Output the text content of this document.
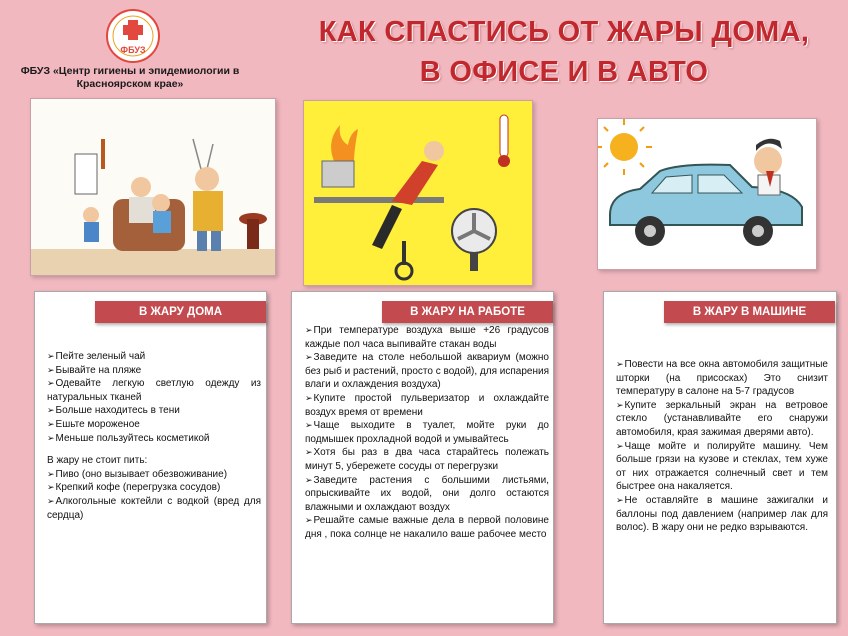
ФБУЗ
ФБУЗ «Центр гигиены и эпидемиологии в Красноярском крае»
КАК СПАСТИСЬ ОТ ЖАРЫ ДОМА,
В ОФИСЕ И В АВТО
В ЖАРУ ДОМА

➢ Пейте зеленый чай

➢ Бывайте на пляже

➢ Одевайте легкую светлую одежду из натуральных тканей

➢ Больше находитесь в тени

➢ Ешьте мороженое

➢ Меньше пользуйтесь косметикой

В жару не стоит пить:

➢ Пиво (оно вызывает обезвоживание)

➢ Крепкий кофе (перегрузка сосудов)

➢ Алкогольные коктейли с водкой (вред для сердца)

В ЖАРУ НА РАБОТЕ

➢ При температуре воздуха выше +26 градусов каждые пол часа выпивайте стакан воды

➢ Заведите на столе небольшой аквариум (можно без рыб и растений, просто с водой), для испарения влаги и охлаждения воздуха)

➢ Купите простой пульверизатор и охлаждайте воздух время от времени

➢ Чаще выходите в туалет, мойте руки до подмышек прохладной водой и умывайтесь

➢ Хотя бы раз в два часа старайтесь полежать минут 5, убережете сосуды от перегрузки

➢ Заведите растения с большими листьями, опрыскивайте их водой, они долго остаются влажными и охлаждают воздух

➢ Решайте самые важные дела в первой половине дня , пока солнце не накалило ваше рабочее место

В ЖАРУ В МАШИНЕ

➢ Повести на все окна автомобиля защитные шторки (на присосках) Это снизит температуру в салоне на 5-7 градусов

➢ Купите зеркальный экран на ветровое стекло (устанавливайте его снаружи автомобиля, края зажимая дверями авто).

➢ Чаще мойте и полируйте машину. Чем больше грязи на кузове и стеклах, тем хуже от них отражается солнечный свет и тем быстрее она накаляется.

➢ Не оставляйте в машине зажигалки и баллоны под давлением (например лак для волос). В жару они не редко взрываются.
